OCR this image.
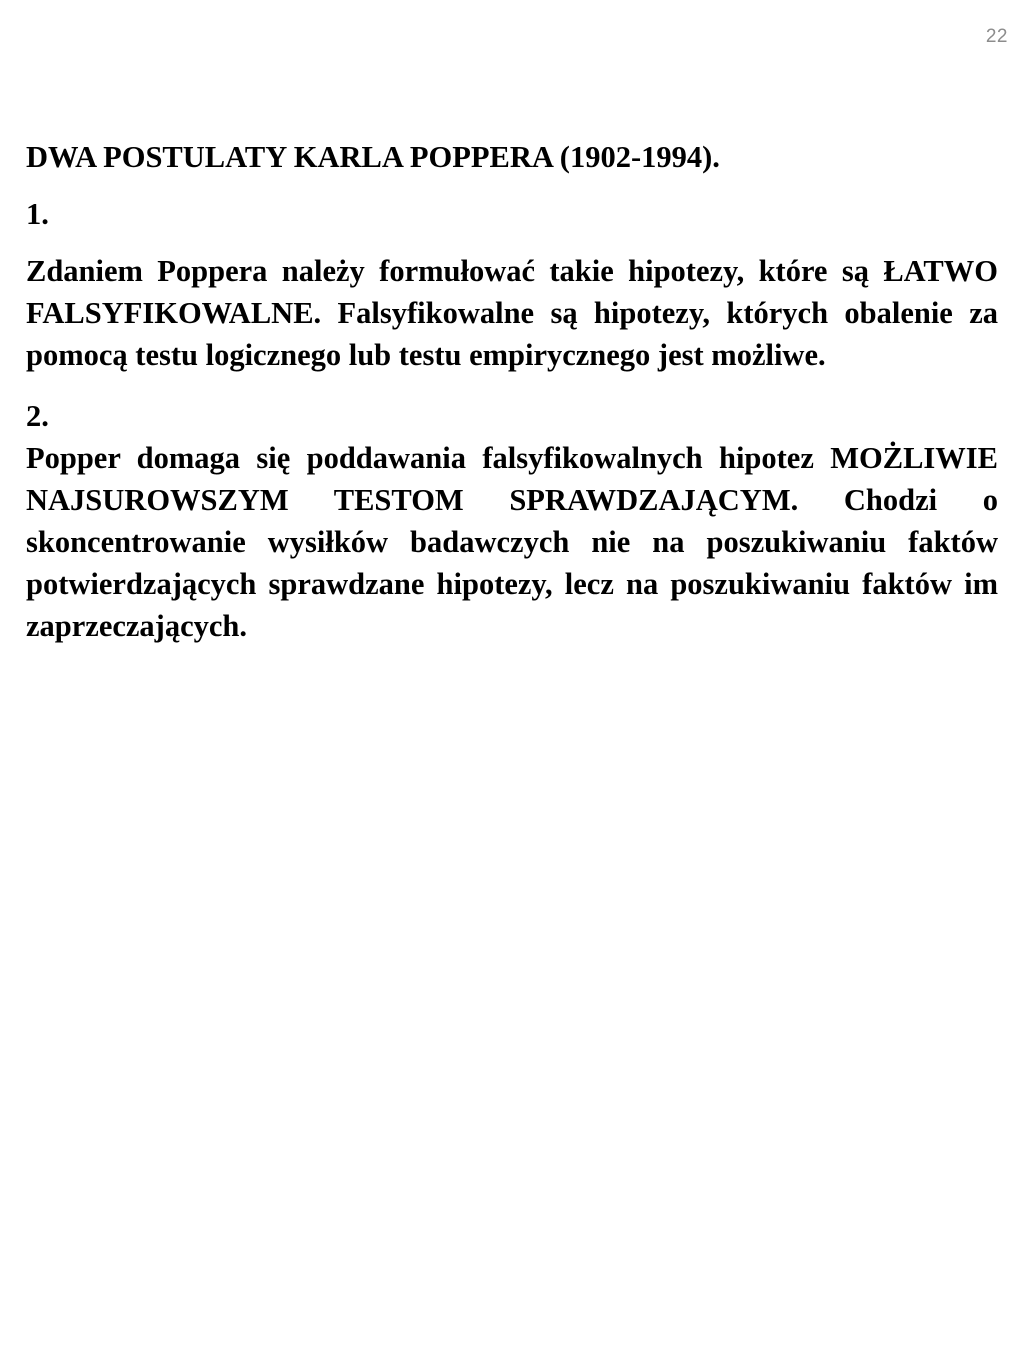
22

DWA POSTULATY KARLA POPPERA (1902-1994).

1.

Zdaniem Poppera należy formułować takie hipotezy, które są ŁATWO FALSYFIKOWALNE. Falsyfikowalne są hipotezy, których obalenie za pomocą testu logicznego lub testu empirycznego jest możliwe.

2.

Popper domaga się poddawania falsyfikowalnych hipotez MOŻLIWIE NAJSUROWSZYM TESTOM SPRAWDZAJĄCYM. Chodzi o skoncentrowanie wysiłków badawczych nie na poszukiwaniu faktów potwierdzających sprawdzane hipotezy, lecz na poszukiwaniu faktów im zaprzeczających.
